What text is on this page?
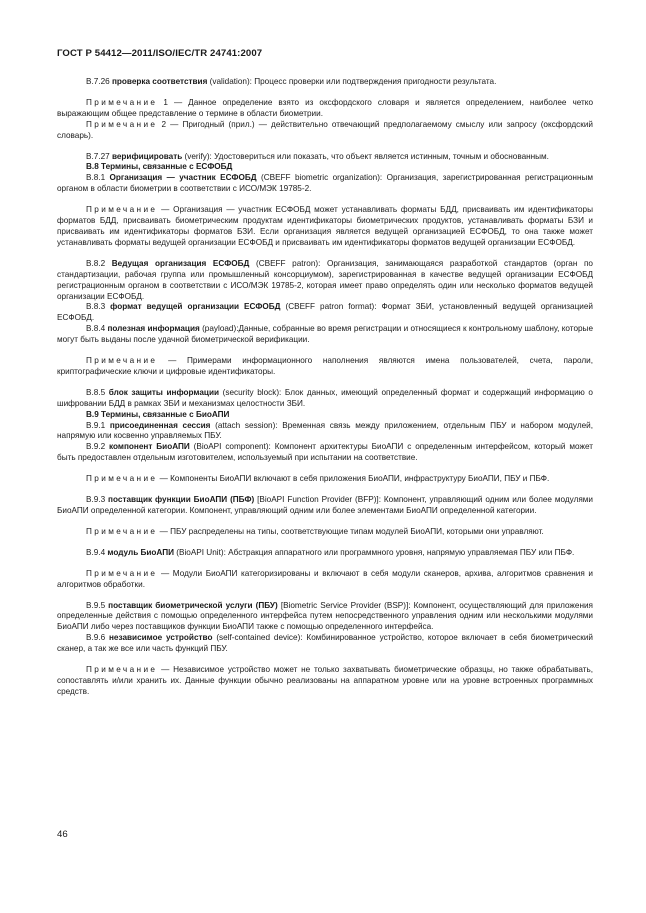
ГОСТ Р 54412—2011/ISO/IEC/TR 24741:2007

В.7.26 проверка соответствия (validation): Процесс проверки или подтверждения пригодности результата.

Примечание 1 — Данное определение взято из оксфордского словаря и является определением, наиболее четко выражающим общее представление о термине в области биометрии.

Примечание 2 — Пригодный (прил.) — действительно отвечающий предполагаемому смыслу или запросу (оксфордский словарь).

В.7.27 верифицировать (verify): Удостовериться или показать, что объект является истинным, точным и обоснованным.

В.8 Термины, связанные с ЕСФОБД

В.8.1 Организация — участник ЕСФОБД (CBEFF biometric organization): Организация, зарегистрированная регистрационным органом в области биометрии в соответствии с ИСО/МЭК 19785-2.

Примечание — Организация — участник ЕСФОБД может устанавливать форматы БДД, присваивать им идентификаторы форматов БДД, присваивать биометрическим продуктам идентификаторы биометрических продуктов, устанавливать форматы БЗИ и присваивать им идентификаторы форматов БЗИ. Если организация является ведущей организацией ЕСФОБД, то она также может устанавливать форматы ведущей организации ЕСФОБД и присваивать им идентификаторы форматов ведущей организации ЕСФОБД.

В.8.2 Ведущая организация ЕСФОБД (CBEFF patron): Организация, занимающаяся разработкой стандартов (орган по стандартизации, рабочая группа или промышленный консорциумом), зарегистрированная в качестве ведущей организации ЕСФОБД регистрационным органом в соответствии с ИСО/МЭК 19785-2, которая имеет право определять один или несколько форматов ведущей организации ЕСФОБД.

В.8.3 формат ведущей организации ЕСФОБД (CBEFF patron format): Формат ЗБИ, установленный ведущей организацией ЕСФОБД.

В.8.4 полезная информация (payload):Данные, собранные во время регистрации и относящиеся к контрольному шаблону, которые могут быть выданы после удачной биометрической верификации.

Примечание — Примерами информационного наполнения являются имена пользователей, счета, пароли, криптографические ключи и цифровые идентификаторы.

В.8.5 блок защиты информации (security block): Блок данных, имеющий определенный формат и содержащий информацию о шифровании БДД в рамках ЗБИ и механизмах целостности ЗБИ.

В.9 Термины, связанные с БиоАПИ

В.9.1 присоединенная сессия (attach session): Временная связь между приложением, отдельным ПБУ и набором модулей, напрямую или косвенно управляемых ПБУ.

В.9.2 компонент БиоАПИ (BioAPI component): Компонент архитектуры БиоАПИ с определенным интерфейсом, который может быть предоставлен отдельным изготовителем, используемый при испытании на соответствие.

Примечание — Компоненты БиоАПИ включают в себя приложения БиоАПИ, инфраструктуру БиоАПИ, ПБУ и ПБФ.

В.9.3 поставщик функции БиоАПИ (ПБФ) [BioAPI Function Provider (BFP)]: Компонент, управляющий одним или более модулями БиоАПИ определенной категории. Компонент, управляющий одним или более элементами БиоАПИ определенной категории.

Примечание — ПБУ распределены на типы, соответствующие типам модулей БиоАПИ, которыми они управляют.

В.9.4 модуль БиоАПИ (BioAPI Unit): Абстракция аппаратного или программного уровня, напрямую управляемая ПБУ или ПБФ.

Примечание — Модули БиоАПИ категоризированы и включают в себя модули сканеров, архива, алгоритмов сравнения и алгоритмов обработки.

В.9.5 поставщик биометрической услуги (ПБУ) [Biometric Service Provider (BSP)]: Компонент, осуществляющий для приложения определенные действия с помощью определенного интерфейса путем непосредственного управления одним или несколькими модулями БиоАПИ либо через поставщиков функции БиоАПИ также с помощью определенного интерфейса.

В.9.6 независимое устройство (self-contained device): Комбинированное устройство, которое включает в себя биометрический сканер, а так же все или часть функций ПБУ.

Примечание — Независимое устройство может не только захватывать биометрические образцы, но также обрабатывать, сопоставлять и/или хранить их. Данные функции обычно реализованы на аппаратном уровне или на уровне встроенных программных средств.

46
